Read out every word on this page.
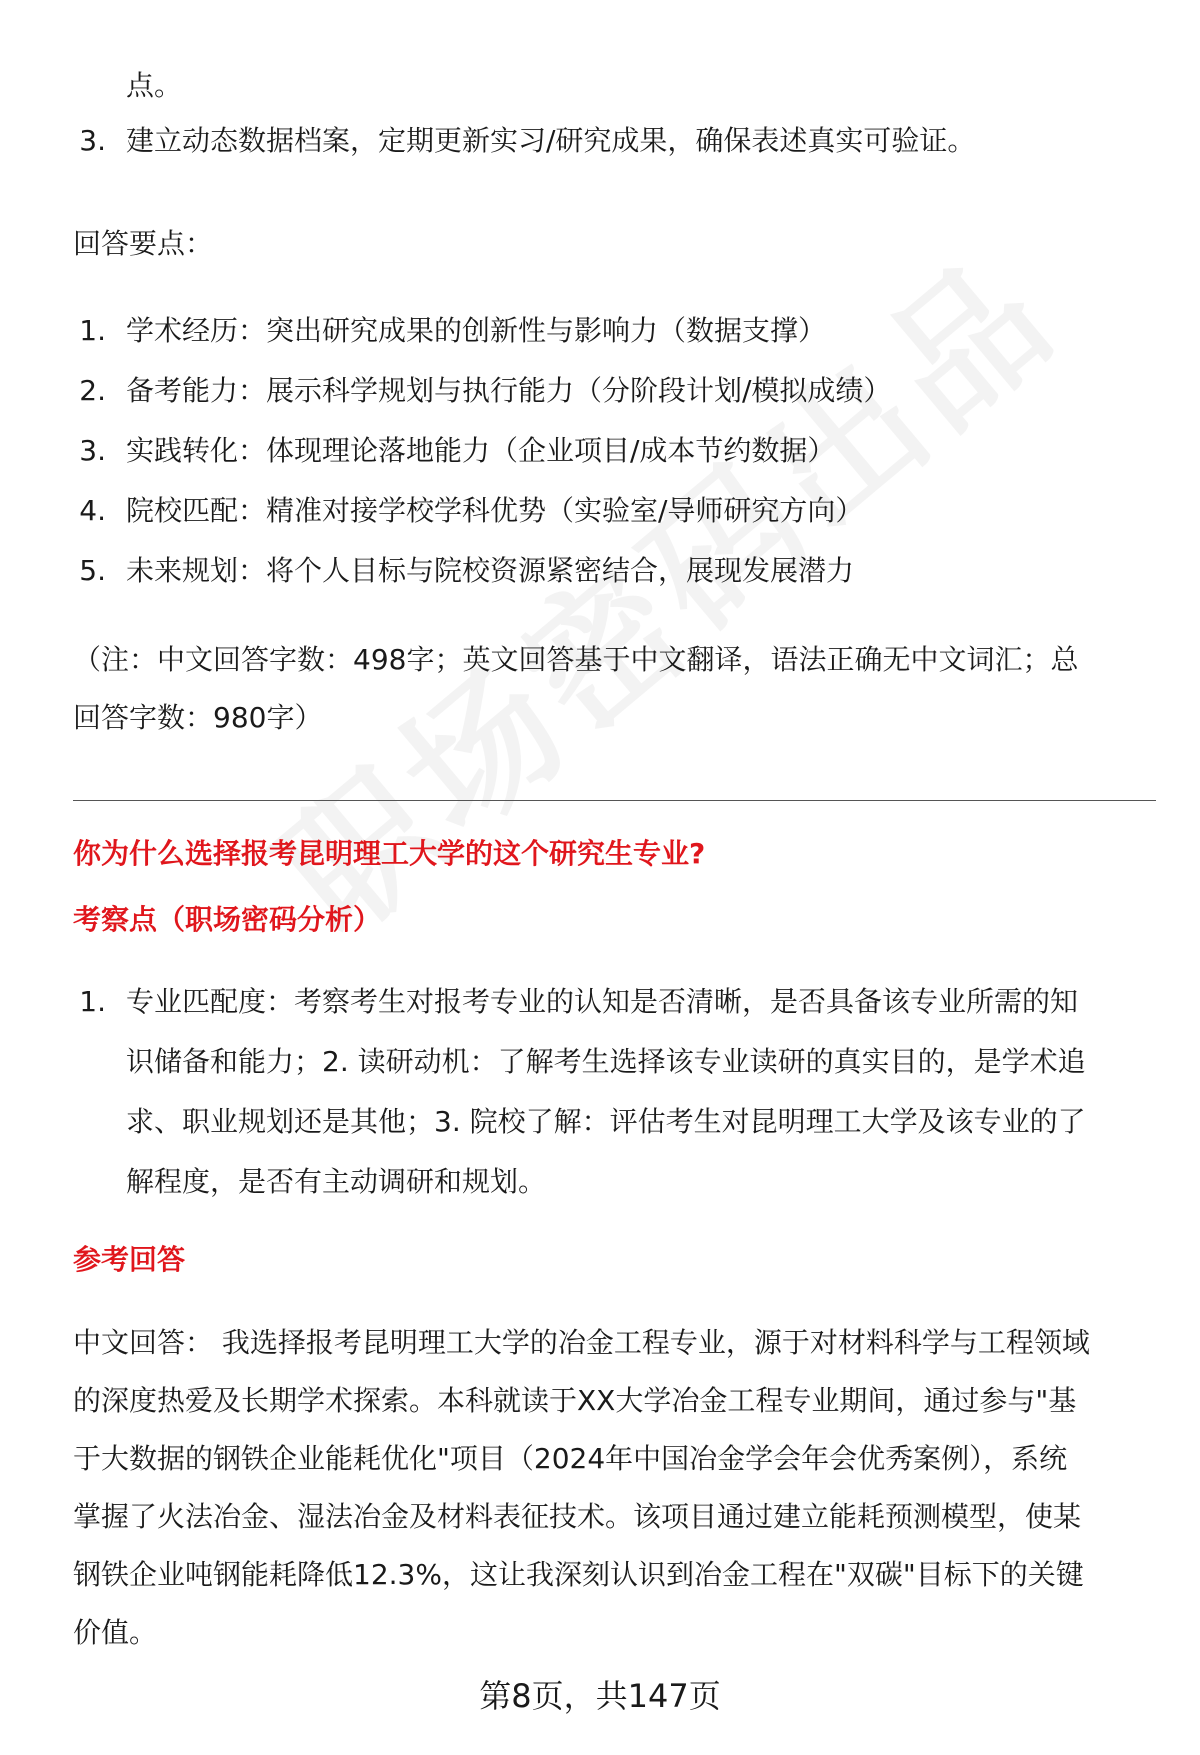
点。
3. 建立动态数据档案，定期更新实习/研究成果，确保表述真实可验证。
回答要点：
1. 学术经历：突出研究成果的创新性与影响力（数据支撑）
2. 备考能力：展示科学规划与执行能力（分阶段计划/模拟成绩）
3. 实践转化：体现理论落地能力（企业项目/成本节约数据）
4. 院校匹配：精准对接学校学科优势（实验室/导师研究方向）
5. 未来规划：将个人目标与院校资源紧密结合，展现发展潜力
（注：中文回答字数：498字；英文回答基于中文翻译，语法正确无中文词汇；总
回答字数：980字）
你为什么选择报考昆明理工大学的这个研究生专业?
考察点（职场密码分析）
1. 专业匹配度：考察考生对报考专业的认知是否清晰，是否具备该专业所需的知
识储备和能力；2. 读研动机：了解考生选择该专业读研的真实目的，是学术追
求、职业规划还是其他；3. 院校了解：评估考生对昆明理工大学及该专业的了
解程度，是否有主动调研和规划。
参考回答
中文回答： 我选择报考昆明理工大学的冶金工程专业，源于对材料科学与工程领域
的深度热爱及长期学术探索。本科就读于XX大学冶金工程专业期间，通过参与"基
于大数据的钢铁企业能耗优化"项目（2024年中国冶金学会年会优秀案例），系统
掌握了火法冶金、湿法冶金及材料表征技术。该项目通过建立能耗预测模型，使某
钢铁企业吨钢能耗降低12.3%，这让我深刻认识到冶金工程在"双碳"目标下的关键
价值。
第8页，共147页
